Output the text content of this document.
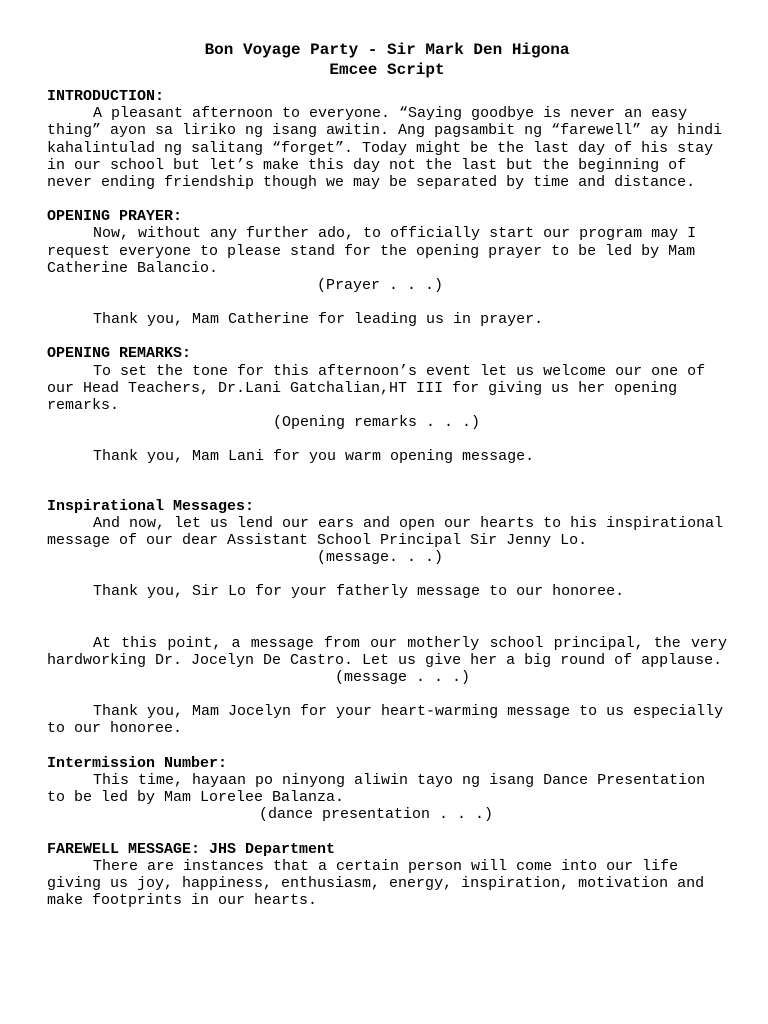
Bon Voyage Party - Sir Mark Den Higona
Emcee Script
INTRODUCTION:

A pleasant afternoon to everyone. “Saying goodbye is never an easy thing” ayon sa liriko ng isang awitin. Ang pagsambit ng “farewell” ay hindi kahalintulad ng salitang “forget”. Today might be the last day of his stay in our school but let’s make this day not the last but the beginning of never ending friendship though we may be separated by time and distance.

OPENING PRAYER:

Now, without any further ado, to officially start our program may I request everyone to please stand for the opening prayer to be led by Mam Catherine Balancio.

(Prayer . . .)

Thank you, Mam Catherine for leading us in prayer.

OPENING REMARKS:

To set the tone for this afternoon’s event let us welcome our one of our Head Teachers, Dr.Lani Gatchalian,HT III for giving us her opening remarks.

(Opening remarks . . .)

Thank you, Mam Lani for you warm opening message.

Inspirational Messages:

And now, let us lend our ears and open our hearts to his inspirational message of our dear Assistant School Principal Sir Jenny Lo.

(message. . .)

Thank you, Sir Lo for your fatherly message to our honoree.

At this point, a message from our motherly school principal, the very hardworking Dr. Jocelyn De Castro. Let us give her a big round of applause.

(message . . .)

Thank you, Mam Jocelyn for your heart-warming message to us especially to our honoree.

Intermission Number:

This time, hayaan po ninyong aliwin tayo ng isang Dance Presentation to be led by Mam Lorelee Balanza.

(dance presentation . . .)

FAREWELL MESSAGE: JHS Department

There are instances that a certain person will come into our life giving us joy, happiness, enthusiasm, energy, inspiration, motivation and make footprints in our hearts.
